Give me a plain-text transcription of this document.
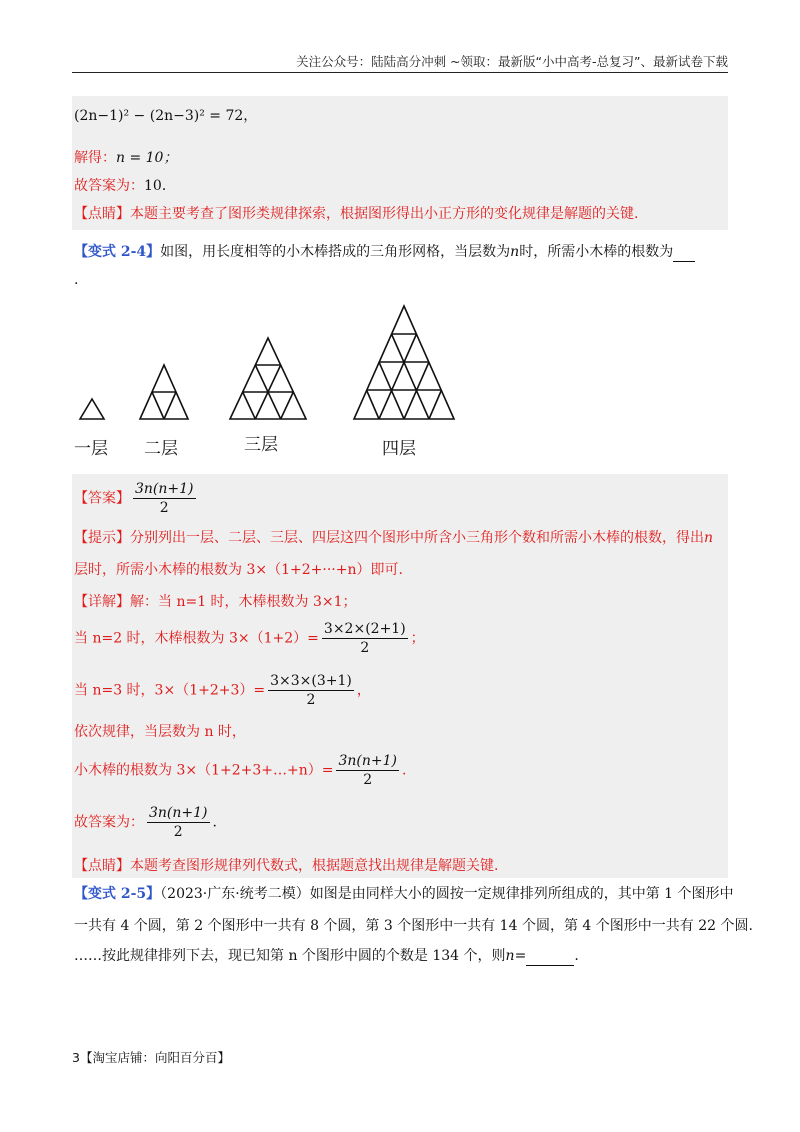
关注公众号：陆陆高分冲刺 ~领取：最新版“小中高考-总复习”、最新试卷下载
(2n−1)² − (2n−3)² = 72，
解得：n = 10；
故答案为：10．
【点睛】本题主要考查了图形类规律探索，根据图形得出小正方形的变化规律是解题的关键.
【变式 2-4】如图，用长度相等的小木棒搭成的三角形网格，当层数为n时，所需小木棒的根数为
.
一层 二层	三层	四层
【答案】 $\frac{3n(n+1)}{2}$
【提示】分别列出一层、二层、三层、四层这四个图形中所含小三角形个数和所需小木棒的根数，得出n
层时，所需小木棒的根数为 3×（1+2+···+n）即可.
【详解】解：当 n=1 时，木棒根数为 3×1；
当 n=2 时，木棒根数为 $3\times(1+2)= \frac{3\times 2\times(2+1)}{2}$ ；
当 n=3 时，$3\times(1+2+3)= \frac{3\times 3\times(3+1)}{2}$ ，
依次规律，当层数为 n 时，
小木棒的根数为 3×（1+2+3+…+n）= $\frac{3n(n+1)}{2}$ .
故答案为： $\frac{3n(n+1)}{2}$ .
【点睛】本题考查图形规律列代数式，根据题意找出规律是解题关键.
【变式 2-5】（2023·广东·统考二模）如图是由同样大小的圆按一定规律排列所组成的，其中第 1 个图形中
一共有 4 个圆，第 2 个图形中一共有 8 个圆，第 3 个图形中一共有 14 个圆，第 4 个图形中一共有 22 个圆.
……按此规律排列下去，现已知第 n 个图形中圆的个数是 134 个，则n=	.
3【淘宝店铺：向阳百分百】
